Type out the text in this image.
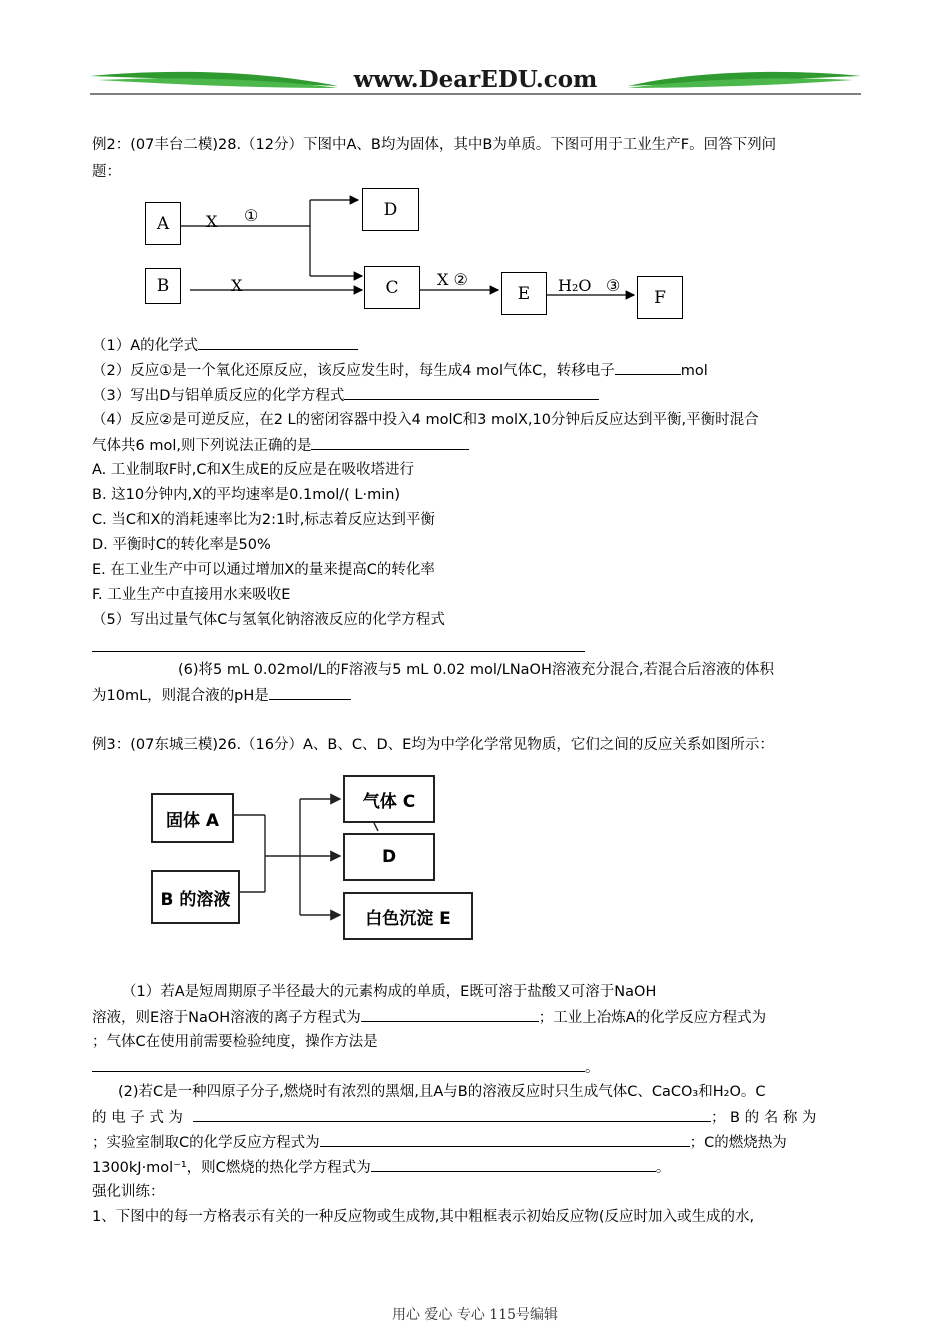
www.DearEDU.com
例2：(07丰台二模)28.（12分）下图中A、B均为固体，其中B为单质。下图可用于工业生产F。回答下列问
题：
A
B
D
C	E	F
X ①
X	X ②	H₂O ③
（1）A的化学式
（2）反应①是一个氧化还原反应，该反应发生时，每生成4 mol气体C，转移电子	mol
（3）写出D与铝单质反应的化学方程式
（4）反应②是可逆反应，在2 L的密闭容器中投入4 molC和3 molX,10分钟后反应达到平衡,平衡时混合
气体共6 mol,则下列说法正确的是
A. 工业制取F时,C和X生成E的反应是在吸收塔进行
B. 这10分钟内,X的平均速率是0.1mol/( L·min)
C. 当C和X的消耗速率比为2:1时,标志着反应达到平衡
D. 平衡时C的转化率是50%
E. 在工业生产中可以通过增加X的量来提高C的转化率
F. 工业生产中直接用水来吸收E
（5）写出过量气体C与氢氧化钠溶液反应的化学方程式
(6)将5 mL 0.02mol/L的F溶液与5 mL 0.02 mol/LNaOH溶液充分混合,若混合后溶液的体积
为10mL，则混合液的pH是
例3：(07东城三模)26.（16分）A、B、C、D、E均为中学化学常见物质，它们之间的反应关系如图所示：
固体 A
B 的溶液
气体 C
D
白色沉淀 E
（1）若A是短周期原子半径最大的元素构成的单质，E既可溶于盐酸又可溶于NaOH
溶液，则E溶于NaOH溶液的离子方程式为	；工业上冶炼A的化学反应方程式为
；气体C在使用前需要检验纯度，操作方法是
。
(2)若C是一种四原子分子,燃烧时有浓烈的黑烟,且A与B的溶液反应时只生成气体C、CaCO₃和H₂O。C
的 电 子 式 为	； B 的 名 称 为
；实验室制取C的化学反应方程式为	；C的燃烧热为
1300kJ·mol⁻¹，则C燃烧的热化学方程式为	。
强化训练：
1、下图中的每一方格表示有关的一种反应物或生成物,其中粗框表示初始反应物(反应时加入或生成的水,
用心 爱心 专心 115号编辑
